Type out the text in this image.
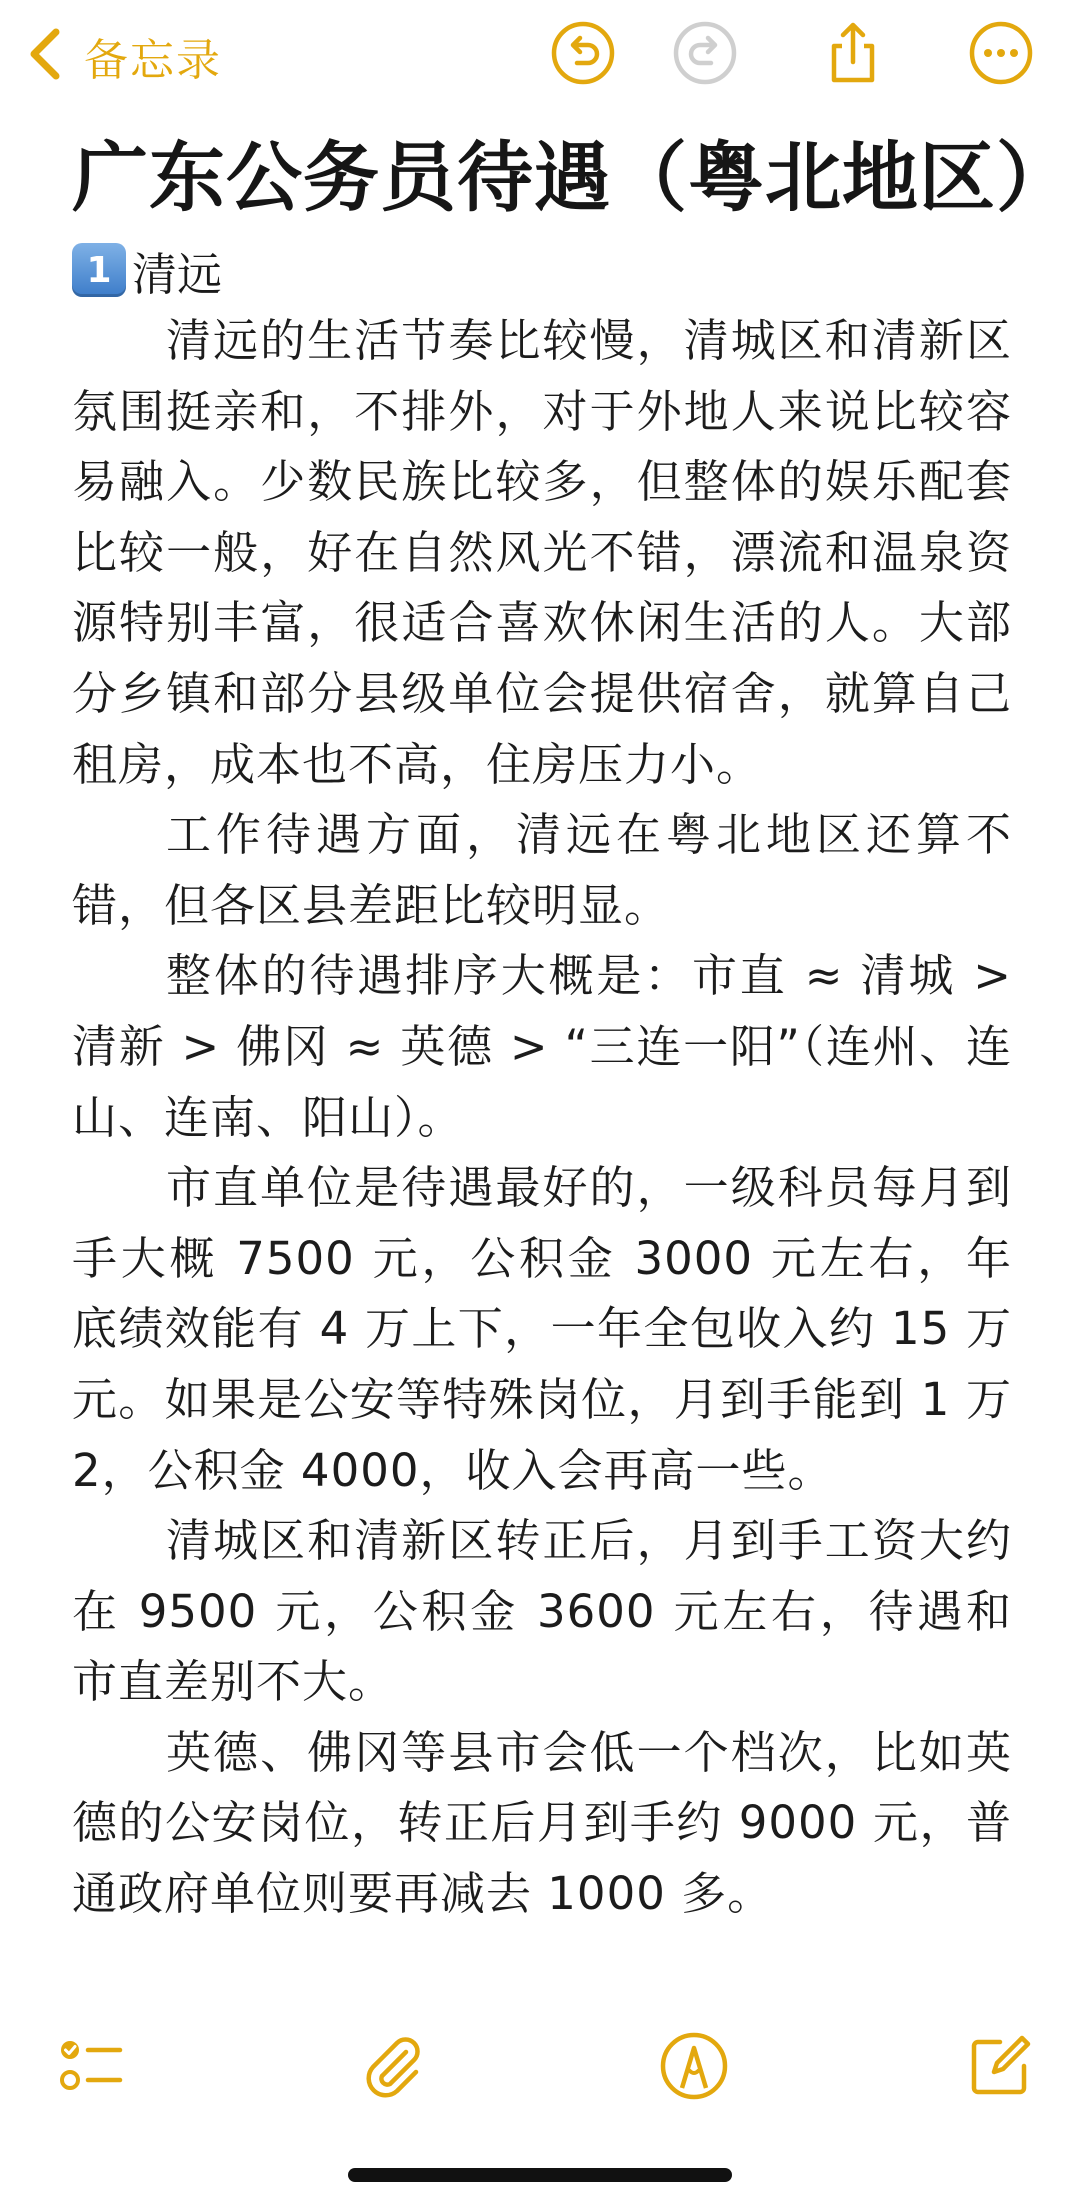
备忘录
广东公务员待遇（粤北地区）
1 清远

清远的生活节奏比较慢，清城区和清新区氛围挺亲和，不排外，对于外地人来说比较容易融入。少数民族比较多，但整体的娱乐配套比较一般，好在自然风光不错，漂流和温泉资源特别丰富，很适合喜欢休闲生活的人。大部分乡镇和部分县级单位会提供宿舍，就算自己租房，成本也不高，住房压力小。

工作待遇方面，清远在粤北地区还算不错，但各区县差距比较明显。

整体的待遇排序大概是：市直 ≈ 清城 > 清新 > 佛冈 ≈ 英德 > “三连一阳”（连州、连山、连南、阳山）。

市直单位是待遇最好的，一级科员每月到手大概 7500 元，公积金 3000 元左右，年底绩效能有 4 万上下，一年全包收入约 15 万元。如果是公安等特殊岗位，月到手能到 1 万 2，公积金 4000，收入会再高一些。

清城区和清新区转正后，月到手工资大约在 9500 元，公积金 3600 元左右，待遇和市直差别不大。

英德、佛冈等县市会低一个档次，比如英德的公安岗位，转正后月到手约 9000 元，普通政府单位则要再减去 1000 多。
